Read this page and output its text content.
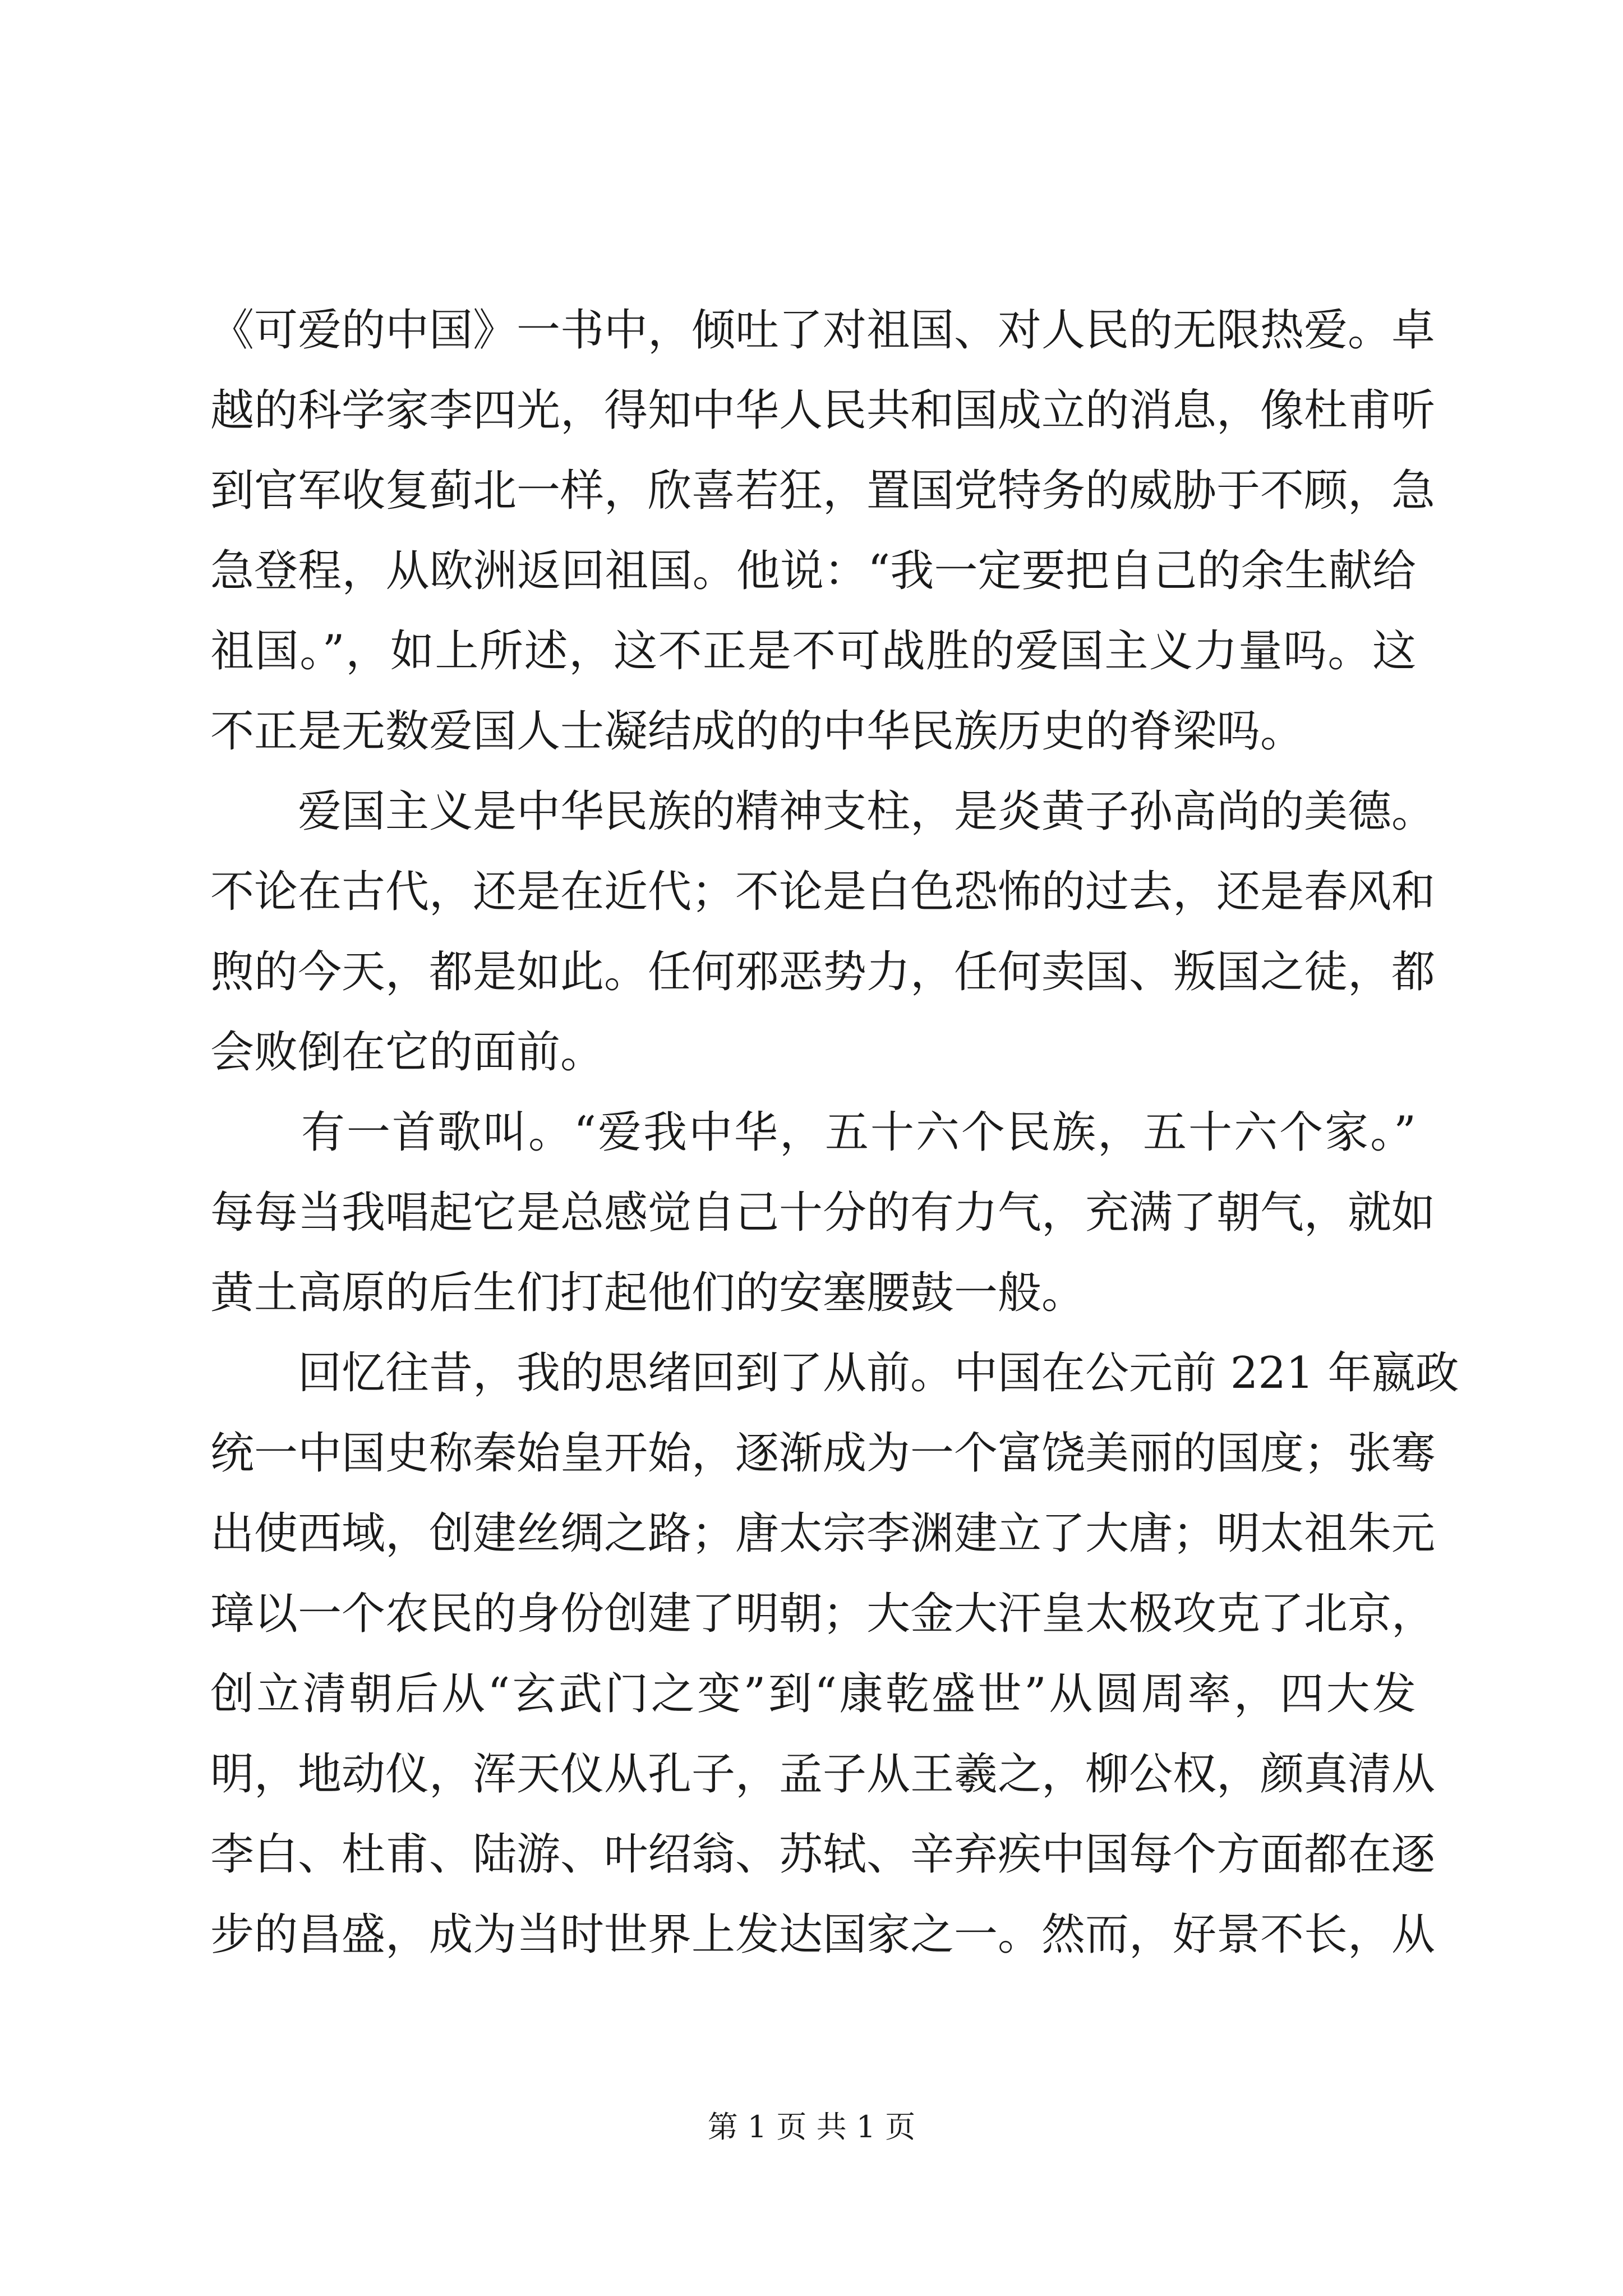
《可爱的中国》一书中，倾吐了对祖国、对人民的无限热爱。卓
越的科学家李四光，得知中华人民共和国成立的消息，像杜甫听
到官军收复蓟北一样，欣喜若狂，置国党特务的威胁于不顾，急
急登程，从欧洲返回祖国。他说：“我一定要把自己的余生献给
祖国。”，如上所述，这不正是不可战胜的爱国主义力量吗。这
不正是无数爱国人士凝结成的的中华民族历史的脊梁吗。
　　爱国主义是中华民族的精神支柱，是炎黄子孙高尚的美德。
不论在古代，还是在近代；不论是白色恐怖的过去，还是春风和
煦的今天，都是如此。任何邪恶势力，任何卖国、叛国之徒，都
会败倒在它的面前。
　　有一首歌叫。“爱我中华，五十六个民族，五十六个家。”
每每当我唱起它是总感觉自己十分的有力气，充满了朝气，就如
黄土高原的后生们打起他们的安塞腰鼓一般。
　　回忆往昔，我的思绪回到了从前。中国在公元前 221 年嬴政
统一中国史称秦始皇开始，逐渐成为一个富饶美丽的国度；张骞
出使西域，创建丝绸之路；唐太宗李渊建立了大唐；明太祖朱元
璋以一个农民的身份创建了明朝；大金大汗皇太极攻克了北京，
创立清朝后从“玄武门之变”到“康乾盛世”从圆周率，四大发
明，地动仪，浑天仪从孔子，孟子从王羲之，柳公权，颜真清从
李白、杜甫、陆游、叶绍翁、苏轼、辛弃疾中国每个方面都在逐
步的昌盛，成为当时世界上发达国家之一。然而，好景不长，从
第 1 页 共 1 页
